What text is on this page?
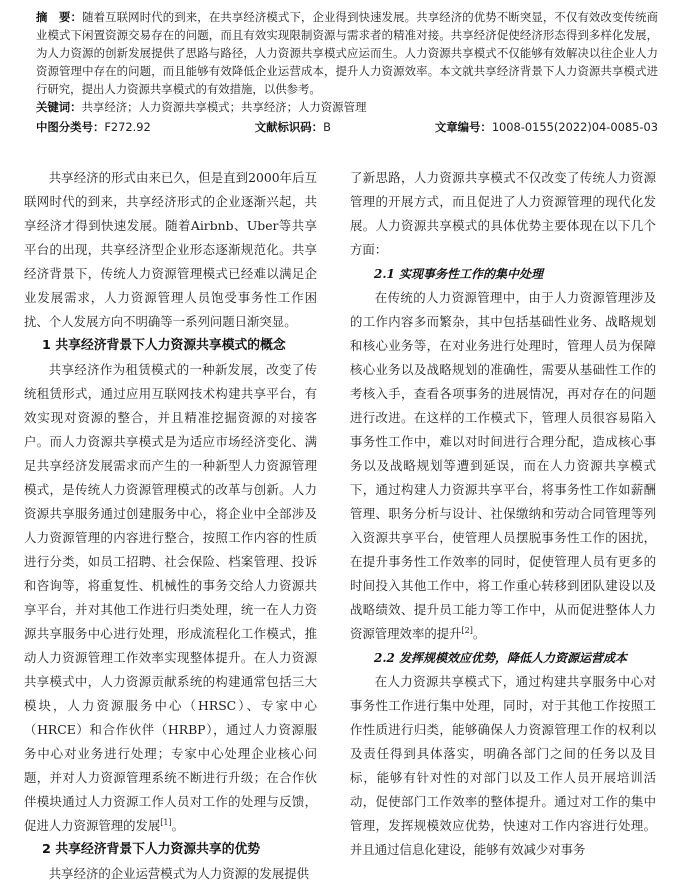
摘　要：随着互联网时代的到来，在共享经济模式下，企业得到快速发展。共享经济的优势不断突显，不仅有效改变传统商业模式下闲置资源交易存在的问题，而且有效实现限制资源与需求者的精准对接。共享经济促使经济形态得到多样化发展，为人力资源的创新发展提供了思路与路径，人力资源共享模式应运而生。人力资源共享模式不仅能够有效解决以往企业人力资源管理中存在的问题，而且能够有效降低企业运营成本，提升人力资源效率。本文就共享经济背景下人力资源共享模式进行研究，提出人力资源共享模式的有效措施，以供参考。

关键词：共享经济；人力资源共享模式；共享经济；人力资源管理

中图分类号：F272.92	文献标识码：B	文章编号：1008-0155(2022)04-0085-03

共享经济的形式由来已久，但是直到2000年后互联网时代的到来，共享经济形式的企业逐渐兴起，共享经济才得到快速发展。随着Airbnb、Uber等共享平台的出现，共享经济型企业形态逐渐规范化。共享经济背景下，传统人力资源管理模式已经难以满足企业发展需求，人力资源管理人员饱受事务性工作困扰、个人发展方向不明确等一系列问题日渐突显。

1 共享经济背景下人力资源共享模式的概念

共享经济作为租赁模式的一种新发展，改变了传统租赁形式，通过应用互联网技术构建共享平台，有效实现对资源的整合，并且精准挖掘资源的对接客户。而人力资源共享模式是为适应市场经济变化、满足共享经济发展需求而产生的一种新型人力资源管理模式，是传统人力资源管理模式的改革与创新。人力资源共享服务通过创建服务中心，将企业中全部涉及人力资源管理的内容进行整合，按照工作内容的性质进行分类，如员工招聘、社会保险、档案管理、投诉和咨询等，将重复性、机械性的事务交给人力资源共享平台，并对其他工作进行归类处理，统一在人力资源共享服务中心进行处理，形成流程化工作模式，推动人力资源管理工作效率实现整体提升。在人力资源共享模式中，人力资源贡献系统的构建通常包括三大模块，人力资源服务中心（HRSC）、专家中心（HRCE）和合作伙伴（HRBP），通过人力资源服务中心对业务进行处理；专家中心处理企业核心问题，并对人力资源管理系统不断进行升级；在合作伙伴模块通过人力资源工作人员对工作的处理与反馈，促进人力资源管理的发展[1]。

2 共享经济背景下人力资源共享的优势

共享经济的企业运营模式为人力资源的发展提供

了新思路，人力资源共享模式不仅改变了传统人力资源管理的开展方式，而且促进了人力资源管理的现代化发展。人力资源共享模式的具体优势主要体现在以下几个方面：

2.1 实现事务性工作的集中处理

在传统的人力资源管理中，由于人力资源管理涉及的工作内容多而繁杂，其中包括基础性业务、战略规划和核心业务等，在对业务进行处理时，管理人员为保障核心业务以及战略规划的准确性，需要从基础性工作的考核入手，查看各项事务的进展情况，再对存在的问题进行改进。在这样的工作模式下，管理人员很容易陷入事务性工作中，难以对时间进行合理分配，造成核心事务以及战略规划等遭到延误，而在人力资源共享模式下，通过构建人力资源共享平台，将事务性工作如薪酬管理、职务分析与设计、社保缴纳和劳动合同管理等列入资源共享平台，使管理人员摆脱事务性工作的困扰，在提升事务性工作效率的同时，促使管理人员有更多的时间投入其他工作中，将工作重心转移到团队建设以及战略绩效、提升员工能力等工作中，从而促进整体人力资源管理效率的提升[2]。

2.2 发挥规模效应优势，降低人力资源运营成本

在人力资源共享模式下，通过构建共享服务中心对事务性工作进行集中处理，同时，对于其他工作按照工作性质进行归类，能够确保人力资源管理工作的权利以及责任得到具体落实，明确各部门之间的任务以及目标，能够有针对性的对部门以及工作人员开展培训活动，促使部门工作效率的整体提升。通过对工作的集中管理，发挥规模效应优势，快速对工作内容进行处理。并且通过信息化建设，能够有效减少对事务
